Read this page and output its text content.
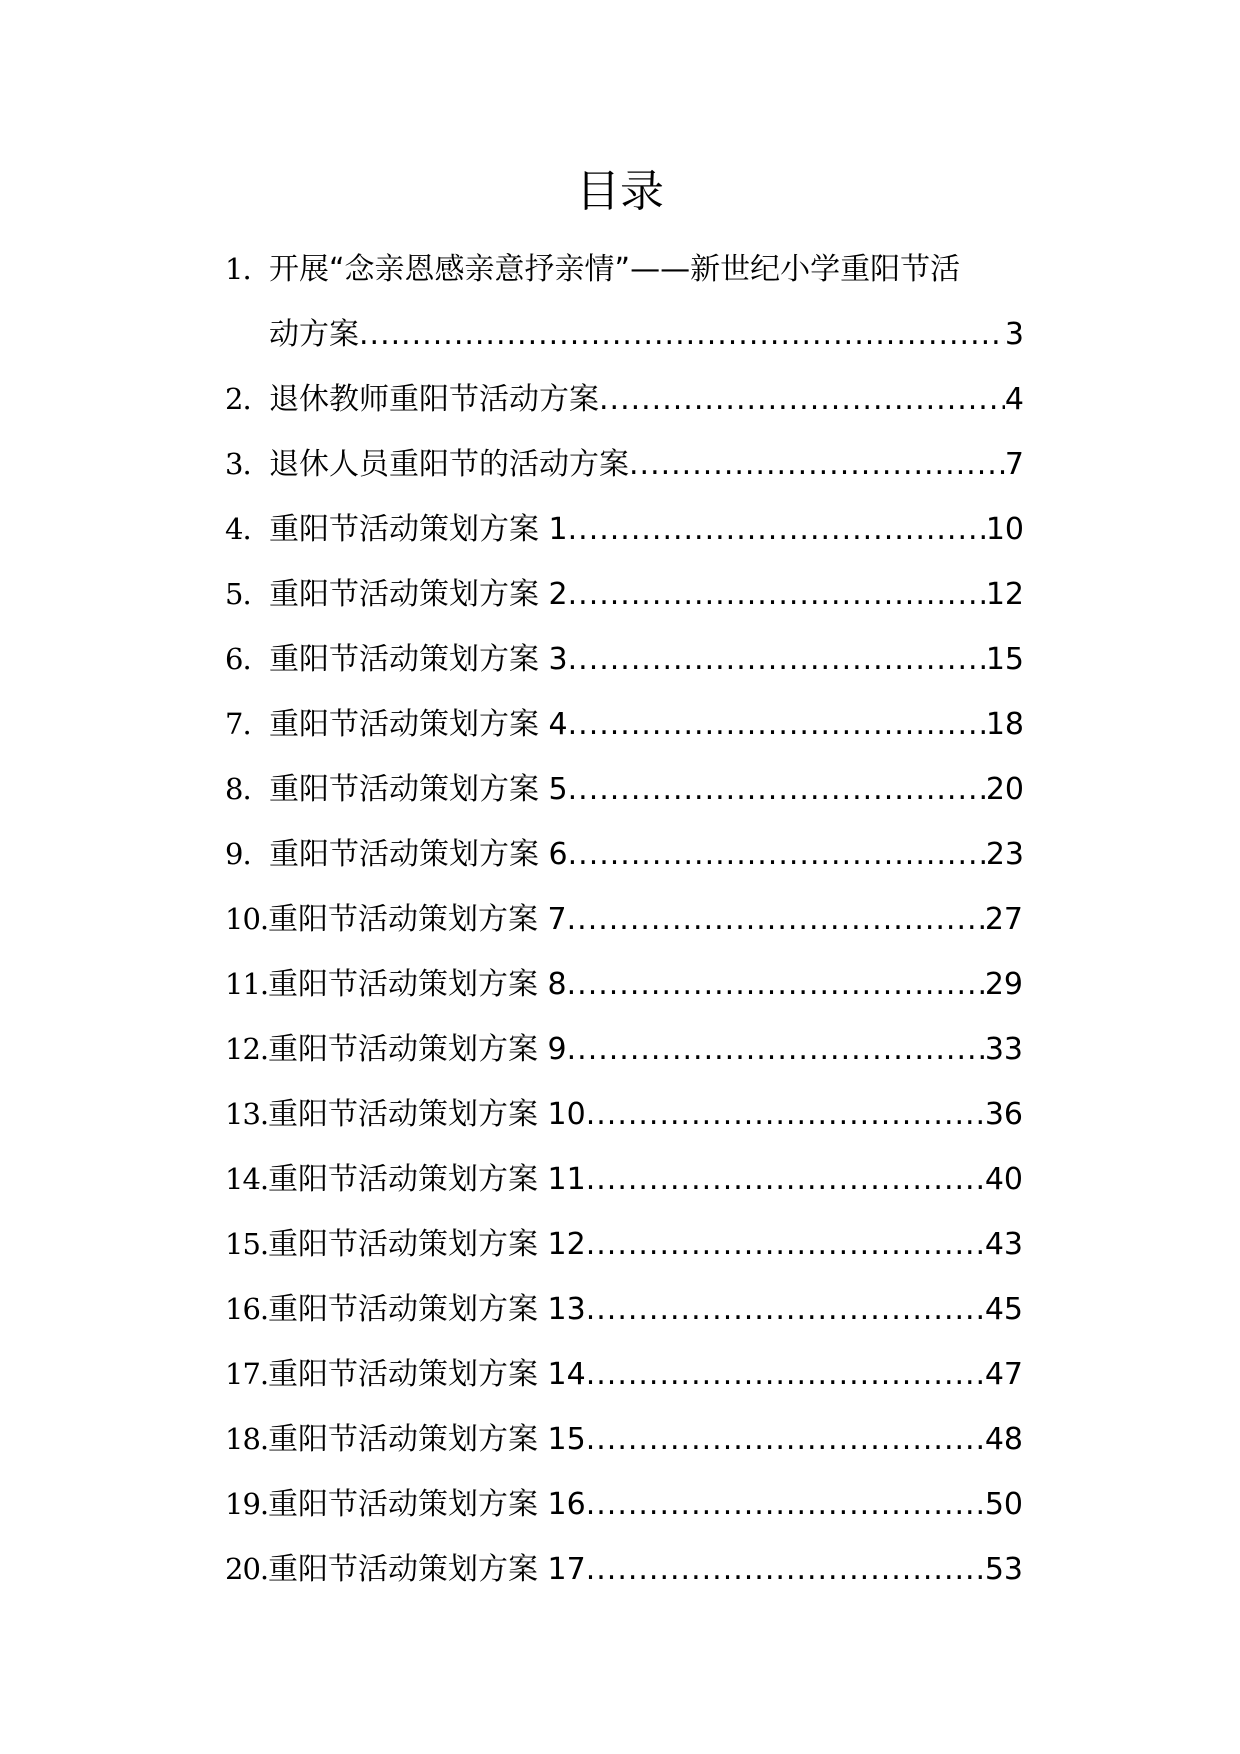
目录
1. 开展“念亲恩感亲意抒亲情”——新世纪小学重阳节活
动方案 .....	3
2. 退休教师重阳节活动方案 .....	4
3. 退休人员重阳节的活动方案 .....	7
4. 重阳节活动策划方案 1 .....	10
5. 重阳节活动策划方案 2 .....	12
6. 重阳节活动策划方案 3 .....	15
7. 重阳节活动策划方案 4 .....	18
8. 重阳节活动策划方案 5 .....	20
9. 重阳节活动策划方案 6 .....	23
10. 重阳节活动策划方案 7 .....	27
11. 重阳节活动策划方案 8 .....	29
12. 重阳节活动策划方案 9 .....	33
13. 重阳节活动策划方案 10 .....	36
14. 重阳节活动策划方案 11 .....	40
15. 重阳节活动策划方案 12 .....	43
16. 重阳节活动策划方案 13 .....	45
17. 重阳节活动策划方案 14 .....	47
18. 重阳节活动策划方案 15 .....	48
19. 重阳节活动策划方案 16 .....	50
20. 重阳节活动策划方案 17 .....	53
